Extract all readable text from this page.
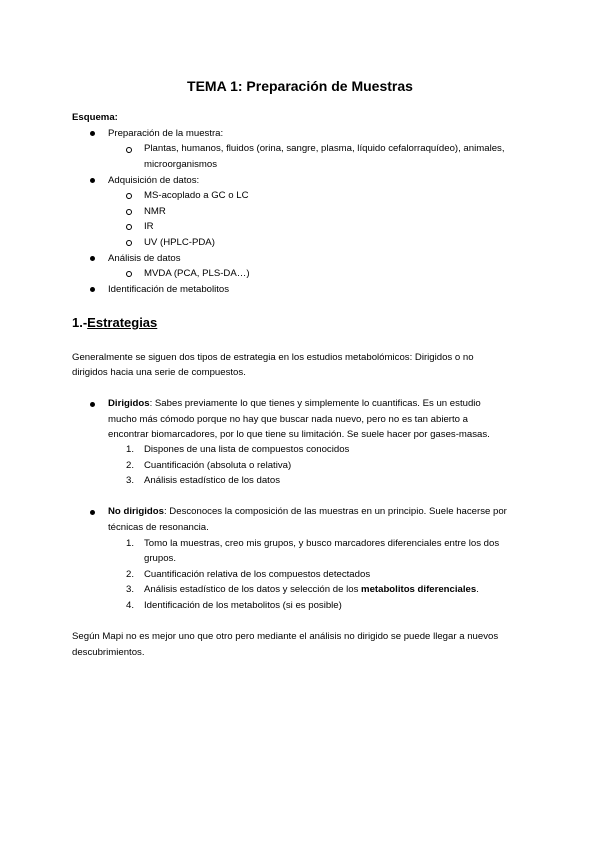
TEMA 1: Preparación de Muestras
Esquema:
Preparación de la muestra:
Plantas, humanos, fluidos (orina, sangre, plasma, líquido cefalorraquídeo), animales,
microorganismos
Adquisición de datos:
MS-acoplado a GC o LC
NMR
IR
UV (HPLC-PDA)
Análisis de datos
MVDA (PCA, PLS-DA…)
Identificación de metabolitos
1.-Estrategias
Generalmente se siguen dos tipos de estrategia en los estudios metabolómicos: Dirigidos o no
dirigidos hacia una serie de compuestos.
Dirigidos: Sabes previamente lo que tienes y simplemente lo cuantificas. Es un estudio
mucho más cómodo porque no hay que buscar nada nuevo, pero no es tan abierto a
encontrar biomarcadores, por lo que tiene su limitación. Se suele hacer por gases-masas.
1. Dispones de una lista de compuestos conocidos
2. Cuantificación (absoluta o relativa)
3. Análisis estadístico de los datos
No dirigidos: Desconoces la composición de las muestras en un principio. Suele hacerse por
técnicas de resonancia.
1. Tomo la muestras, creo mis grupos, y busco marcadores diferenciales entre los dos
grupos.
2. Cuantificación relativa de los compuestos detectados
3. Análisis estadístico de los datos y selección de los metabolitos diferenciales.
4. Identificación de los metabolitos (si es posible)
Según Mapi no es mejor uno que otro pero mediante el análisis no dirigido se puede llegar a nuevos
descubrimientos.
